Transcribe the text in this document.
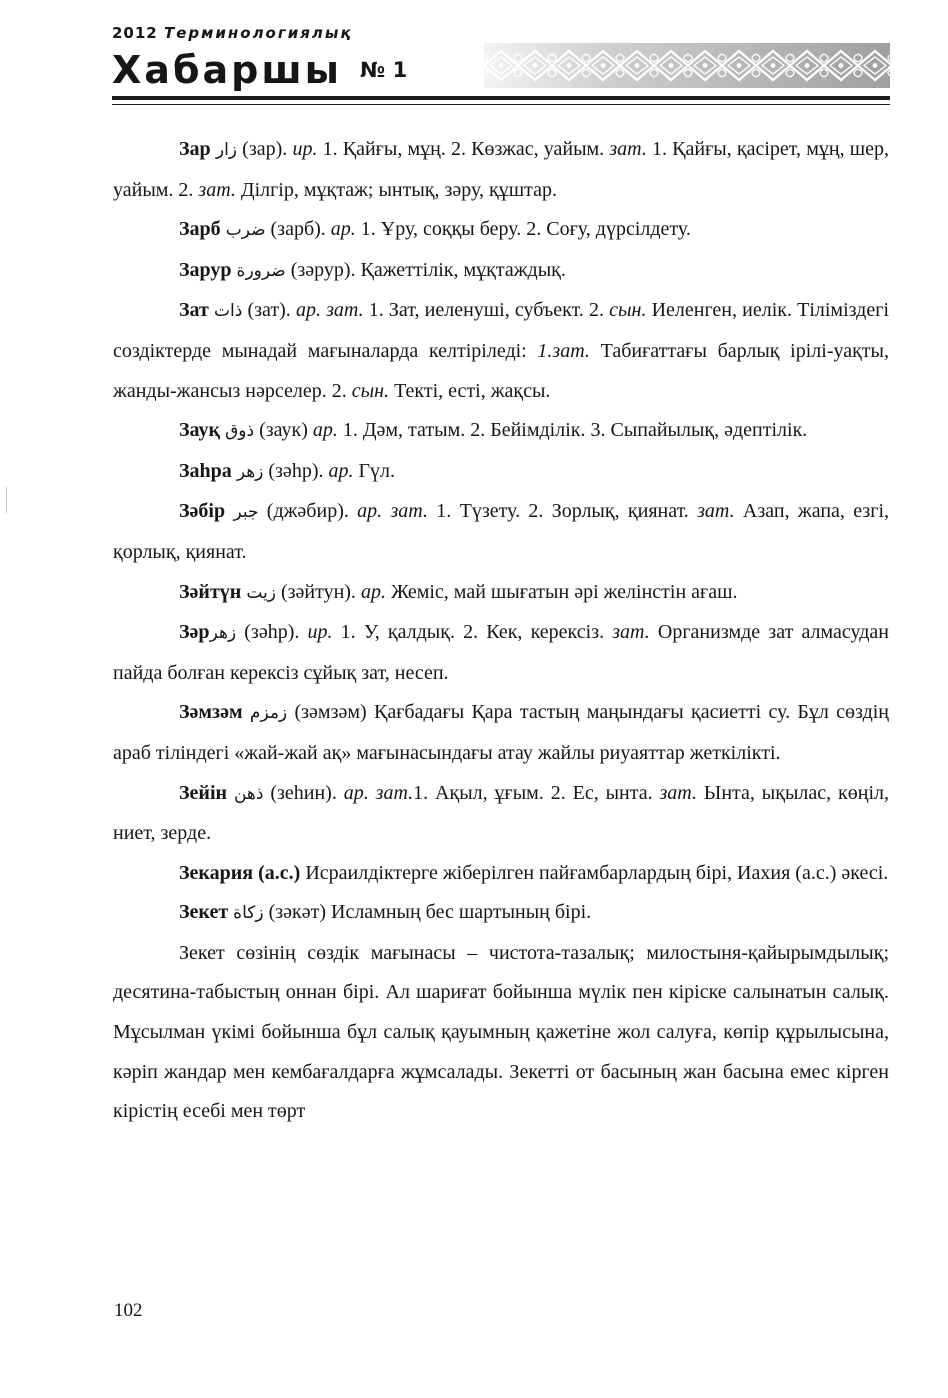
2012 Терминологиялық
Хабаршы № 1

Зар زار (зар). ир. 1. Қайғы, мұң. 2. Көзжас, уайым. зат. 1. Қайғы, қасірет, мұң, шер, уайым. 2. зат. Ділгір, мұқтаж; ынтық, зәру, құштар.

Зарб ضرب (зарб). ар. 1. Ұру, соққы беру. 2. Соғу, дүрсілдету.

Зарур ضرورة (зәрур). Қажеттілік, мұқтаждық.

Зат ذات (зат). ар. зат. 1. Зат, иеленуші, субъект. 2. сын. Иеленген, иелік. Тіліміздегі создіктерде мынадай мағыналарда келтіріледі: 1.зат. Табиғаттағы барлық ірілі-уақты, жанды-жансыз нәрселер. 2. сын. Текті, есті, жақсы.

Зауқ ذوق (заук) ар. 1. Дәм, татым. 2. Бейімділік. 3. Сыпайылық, әдептілік.

Заhра زهر (зәhр). ар. Гүл.

Зәбір جبر (джәбир). ар. зат. 1. Түзету. 2. Зорлық, қиянат. зат. Азап, жапа, езгі, қорлық, қиянат.

Зәйтүн زيت (зәйтун). ар. Жеміс, май шығатын әрі желінстін ағаш.

Зәрزهر (зәhр). ир. 1. У, қалдық. 2. Кек, керексіз. зат. Организмде зат алмасудан пайда болған керексіз сұйық зат, несеп.

Зәмзәм زمزم (зәмзәм) Қағбадағы Қара тастың маңындағы қасиетті су. Бұл сөздің араб тіліндегі «жай-жай ақ» мағынасындағы атау жайлы риуаяттар жеткілікті.

Зейін ذهن (зеhин). ар. зат.1. Ақыл, ұғым. 2. Ес, ынта. зат. Ынта, ықылас, көңіл, ниет, зерде.

Зекария (а.с.) Исраилдіктерге жіберілген пайғамбарлардың бірі, Иахия (а.с.) әкесі.

Зекет زكاة (зәкәт) Исламның бес шартының бірі.

Зекет сөзінің сөздік мағынасы – чистота-тазалық; милостыня-қайырымдылық; десятина-табыстың оннан бірі. Ал шариғат бойынша мүлік пен кіріске салынатын салық. Мұсылман үкімі бойынша бұл салық қауымның қажетіне жол салуға, көпір құрылысына, кәріп жандар мен кембағалдарға жұмсалады. Зекетті от басының жан басына емес кірген кірістің есебі мен төрт

102
